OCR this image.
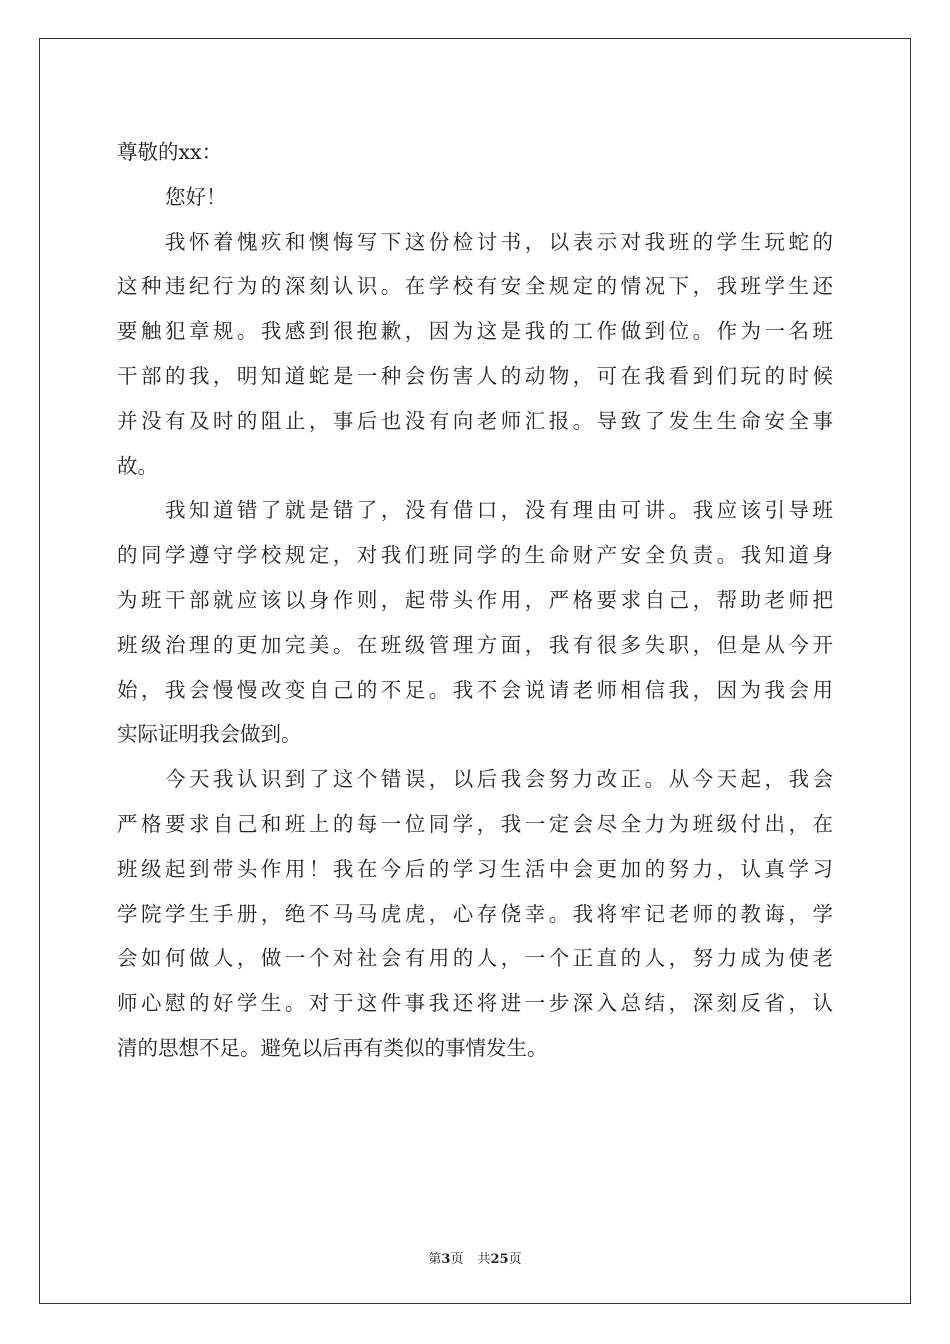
尊敬的xx：
您好！
我怀着愧疚和懊悔写下这份检讨书，以表示对我班的学生玩蛇的
这种违纪行为的深刻认识。在学校有安全规定的情况下，我班学生还
要触犯章规。我感到很抱歉，因为这是我的工作做到位。作为一名班
干部的我，明知道蛇是一种会伤害人的动物，可在我看到们玩的时候
并没有及时的阻止，事后也没有向老师汇报。导致了发生生命安全事
故。
我知道错了就是错了，没有借口，没有理由可讲。我应该引导班
的同学遵守学校规定，对我们班同学的生命财产安全负责。我知道身
为班干部就应该以身作则，起带头作用，严格要求自己，帮助老师把
班级治理的更加完美。在班级管理方面，我有很多失职，但是从今开
始，我会慢慢改变自己的不足。我不会说请老师相信我，因为我会用
实际证明我会做到。
今天我认识到了这个错误，以后我会努力改正。从今天起，我会
严格要求自己和班上的每一位同学，我一定会尽全力为班级付出，在
班级起到带头作用！我在今后的学习生活中会更加的努力，认真学习
学院学生手册，绝不马马虎虎，心存侥幸。我将牢记老师的教诲，学
会如何做人，做一个对社会有用的人，一个正直的人，努力成为使老
师心慰的好学生。对于这件事我还将进一步深入总结，深刻反省，认
清的思想不足。避免以后再有类似的事情发生。
第3页 共25页
